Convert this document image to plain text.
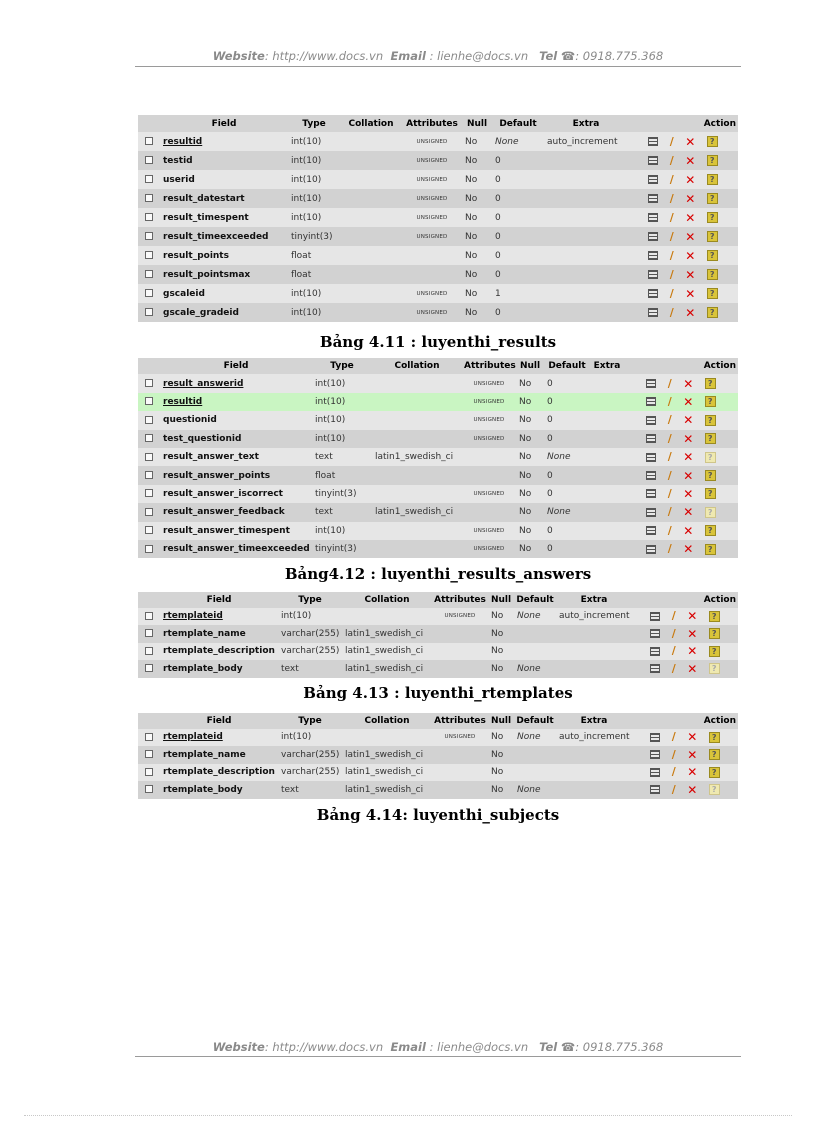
Website: http://www.docs.vn Email : lienhe@docs.vn Tel ☎: 0918.775.368
	Field	Type	Collation	Attributes	Null	Default	Extra	Action
	resultid	int(10)		UNSIGNED	No	None	auto_increment	∕ ✕ ?
	testid	int(10)		UNSIGNED	No	0		∕ ✕ ?
	userid	int(10)		UNSIGNED	No	0		∕ ✕ ?
	result_datestart	int(10)		UNSIGNED	No	0		∕ ✕ ?
	result_timespent	int(10)		UNSIGNED	No	0		∕ ✕ ?
	result_timeexceeded	tinyint(3)		UNSIGNED	No	0		∕ ✕ ?
	result_points	float			No	0		∕ ✕ ?
	result_pointsmax	float			No	0		∕ ✕ ?
	gscaleid	int(10)		UNSIGNED	No	1		∕ ✕ ?
	gscale_gradeid	int(10)		UNSIGNED	No	0		∕ ✕ ?
Bảng 4.11 : luyenthi_results
	Field	Type	Collation	Attributes	Null	Default	Extra	Action
	result_answerid	int(10)		UNSIGNED	No	0		∕ ✕ ?
	resultid	int(10)		UNSIGNED	No	0		∕ ✕ ?
	questionid	int(10)		UNSIGNED	No	0		∕ ✕ ?
	test_questionid	int(10)		UNSIGNED	No	0		∕ ✕ ?
	result_answer_text	text	latin1_swedish_ci		No	None		∕ ✕ ?
	result_answer_points	float			No	0		∕ ✕ ?
	result_answer_iscorrect	tinyint(3)		UNSIGNED	No	0		∕ ✕ ?
	result_answer_feedback	text	latin1_swedish_ci		No	None		∕ ✕ ?
	result_answer_timespent	int(10)		UNSIGNED	No	0		∕ ✕ ?
	result_answer_timeexceeded	tinyint(3)		UNSIGNED	No	0		∕ ✕ ?
Bảng4.12 : luyenthi_results_answers
	Field	Type	Collation	Attributes	Null	Default	Extra	Action
	rtemplateid	int(10)		UNSIGNED	No	None	auto_increment	∕ ✕ ?
	rtemplate_name	varchar(255)	latin1_swedish_ci		No			∕ ✕ ?
	rtemplate_description	varchar(255)	latin1_swedish_ci		No			∕ ✕ ?
	rtemplate_body	text	latin1_swedish_ci		No	None		∕ ✕ ?
Bảng 4.13 : luyenthi_rtemplates
	Field	Type	Collation	Attributes	Null	Default	Extra	Action
	rtemplateid	int(10)		UNSIGNED	No	None	auto_increment	∕ ✕ ?
	rtemplate_name	varchar(255)	latin1_swedish_ci		No			∕ ✕ ?
	rtemplate_description	varchar(255)	latin1_swedish_ci		No			∕ ✕ ?
	rtemplate_body	text	latin1_swedish_ci		No	None		∕ ✕ ?
Bảng 4.14: luyenthi_subjects
Website: http://www.docs.vn Email : lienhe@docs.vn Tel ☎: 0918.775.368
